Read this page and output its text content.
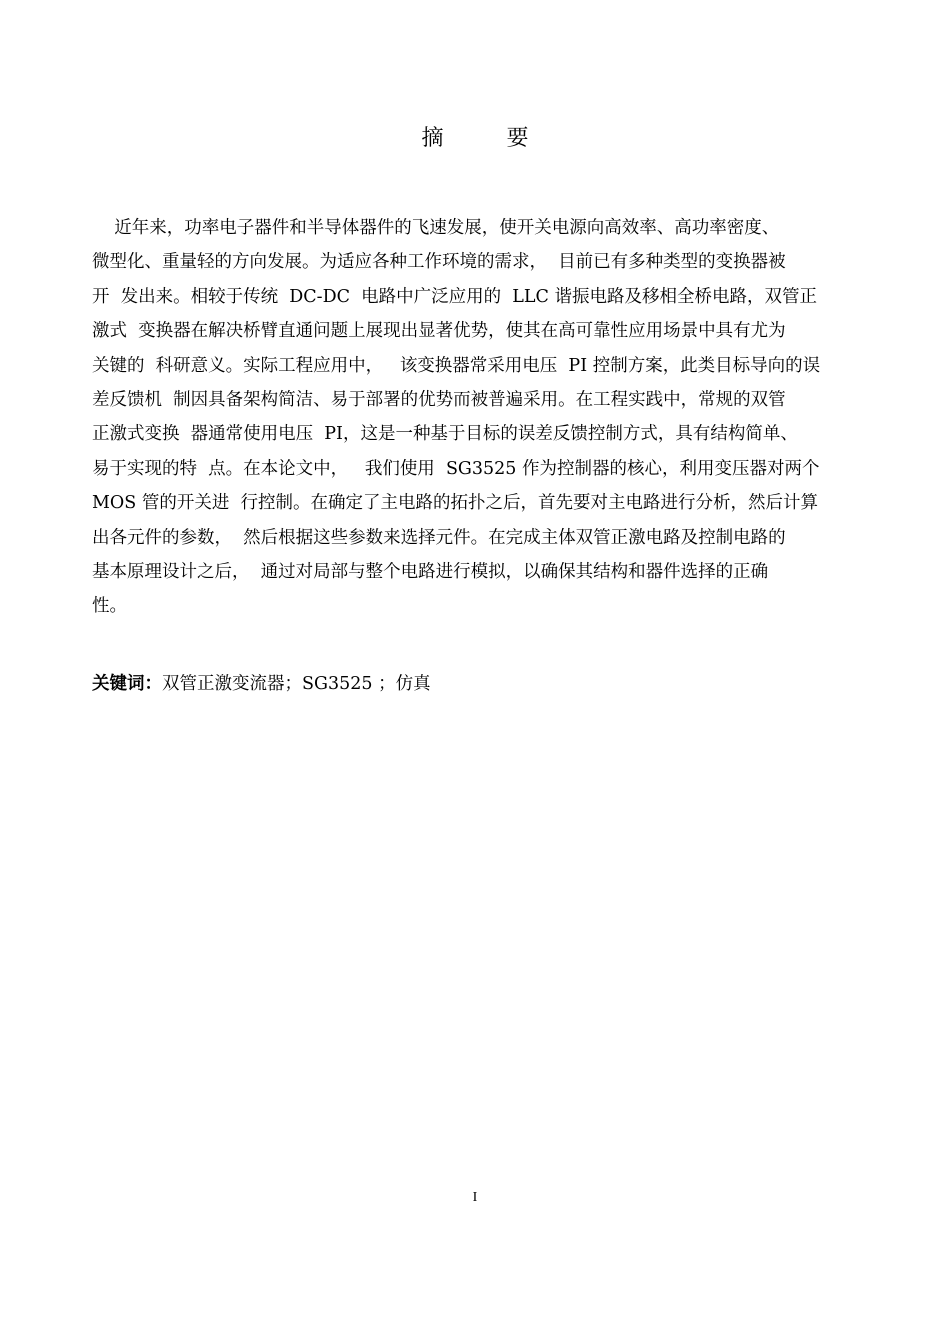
摘 要
近年来，功率电子器件和半导体器件的飞速发展，使开关电源向高效率、高功率密度、
微型化、重量轻的方向发展。为适应各种工作环境的需求，  目前已有多种类型的变换器被
开  发出来。相较于传统  DC-DC  电路中广泛应用的  LLC 谐振电路及移相全桥电路，双管正
激式  变换器在解决桥臂直通问题上展现出显著优势，使其在高可靠性应用场景中具有尤为
关键的  科研意义。实际工程应用中，   该变换器常采用电压  PI 控制方案，此类目标导向的误
差反馈机  制因具备架构简洁、易于部署的优势而被普遍采用。在工程实践中，常规的双管
正激式变换  器通常使用电压  PI，这是一种基于目标的误差反馈控制方式，具有结构简单、
易于实现的特  点。在本论文中，   我们使用  SG3525 作为控制器的核心，利用变压器对两个
MOS 管的开关进  行控制。在确定了主电路的拓扑之后，首先要对主电路进行分析，然后计算
出各元件的参数，  然后根据这些参数来选择元件。在完成主体双管正激电路及控制电路的
基本原理设计之后，  通过对局部与整个电路进行模拟，以确保其结构和器件选择的正确
性。
关键词：双管正激变流器；SG3525 ；仿真
I
